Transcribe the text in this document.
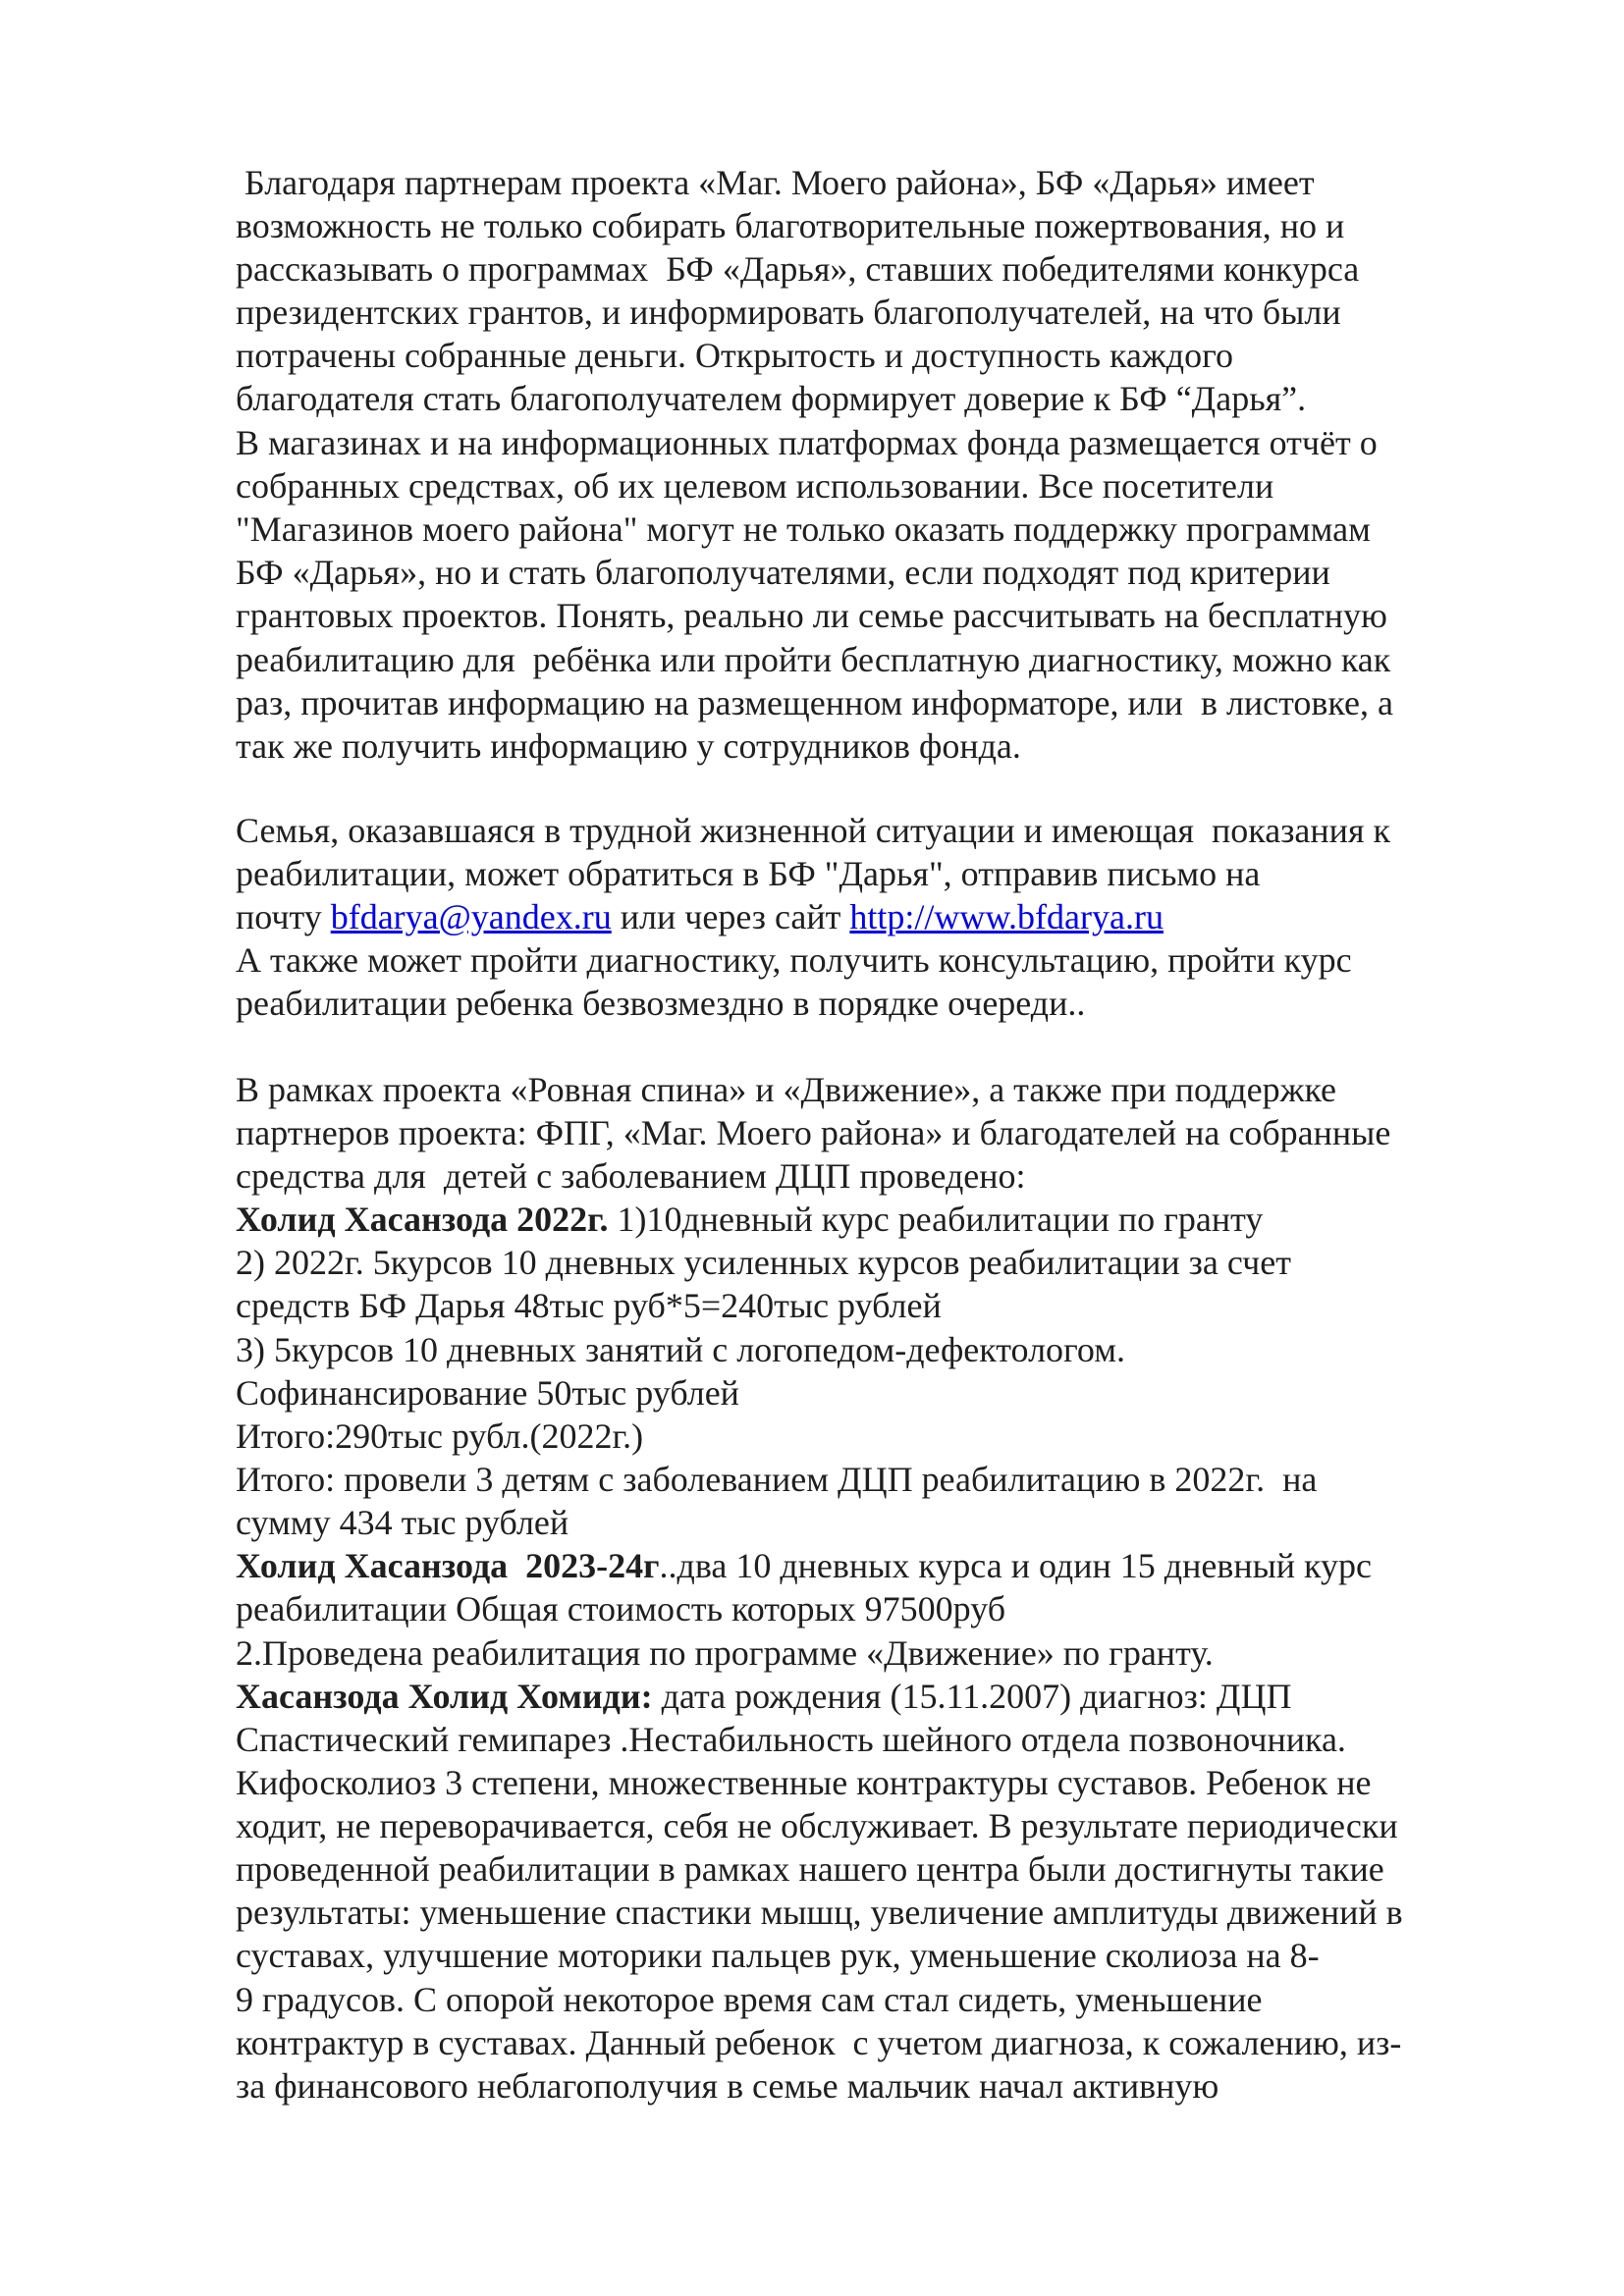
Благодаря партнерам проекта «Маг. Моего района», БФ «Дарья» имеет
возможность не только собирать благотворительные пожертвования, но и
рассказывать о программах  БФ «Дарья», ставших победителями конкурса
президентских грантов, и информировать благополучателей, на что были
потрачены собранные деньги. Открытость и доступность каждого
благодателя стать благополучателем формирует доверие к БФ “Дарья”.
В магазинах и на информационных платформах фонда размещается отчёт о
собранных средствах, об их целевом использовании. Все посетители
"Магазинов моего района" могут не только оказать поддержку программам
БФ «Дарья», но и стать благополучателями, если подходят под критерии
грантовых проектов. Понять, реально ли семье рассчитывать на бесплатную
реабилитацию для  ребёнка или пройти бесплатную диагностику, можно как
раз, прочитав информацию на размещенном информаторе, или  в листовке, а
так же получить информацию у сотрудников фонда.
Семья, оказавшаяся в трудной жизненной ситуации и имеющая  показания к
реабилитации, может обратиться в БФ "Дарья", отправив письмо на
почту bfdarya@yandex.ru или через сайт http://www.bfdarya.ru
А также может пройти диагностику, получить консультацию, пройти курс
реабилитации ребенка безвозмездно в порядке очереди..
В рамках проекта «Ровная спина» и «Движение», а также при поддержке
партнеров проекта: ФПГ, «Маг. Моего района» и благодателей на собранные
средства для  детей с заболеванием ДЦП проведено:
Холид Хасанзода 2022г. 1)10дневный курс реабилитации по гранту
2) 2022г. 5курсов 10 дневных усиленных курсов реабилитации за счет
средств БФ Дарья 48тыс руб*5=240тыс рублей
3) 5курсов 10 дневных занятий с логопедом-дефектологом.
Софинансирование 50тыс рублей
Итого:290тыс рубл.(2022г.)
Итого: провели 3 детям с заболеванием ДЦП реабилитацию в 2022г.  на
сумму 434 тыс рублей
Холид Хасанзода  2023-24г..два 10 дневных курса и один 15 дневный курс
реабилитации Общая стоимость которых 97500руб
2.Проведена реабилитация по программе «Движение» по гранту.
Хасанзода Холид Хомиди: дата рождения (15.11.2007) диагноз: ДЦП
Спастический гемипарез .Нестабильность шейного отдела позвоночника.
Кифосколиоз 3 степени, множественные контрактуры суставов. Ребенок не
ходит, не переворачивается, себя не обслуживает. В результате периодически
проведенной реабилитации в рамках нашего центра были достигнуты такие
результаты: уменьшение спастики мышц, увеличение амплитуды движений в
суставах, улучшение моторики пальцев рук, уменьшение сколиоза на 8-
9 градусов. С опорой некоторое время сам стал сидеть, уменьшение
контрактур в суставах. Данный ребенок  с учетом диагноза, к сожалению, из-
за финансового неблагополучия в семье мальчик начал активную
